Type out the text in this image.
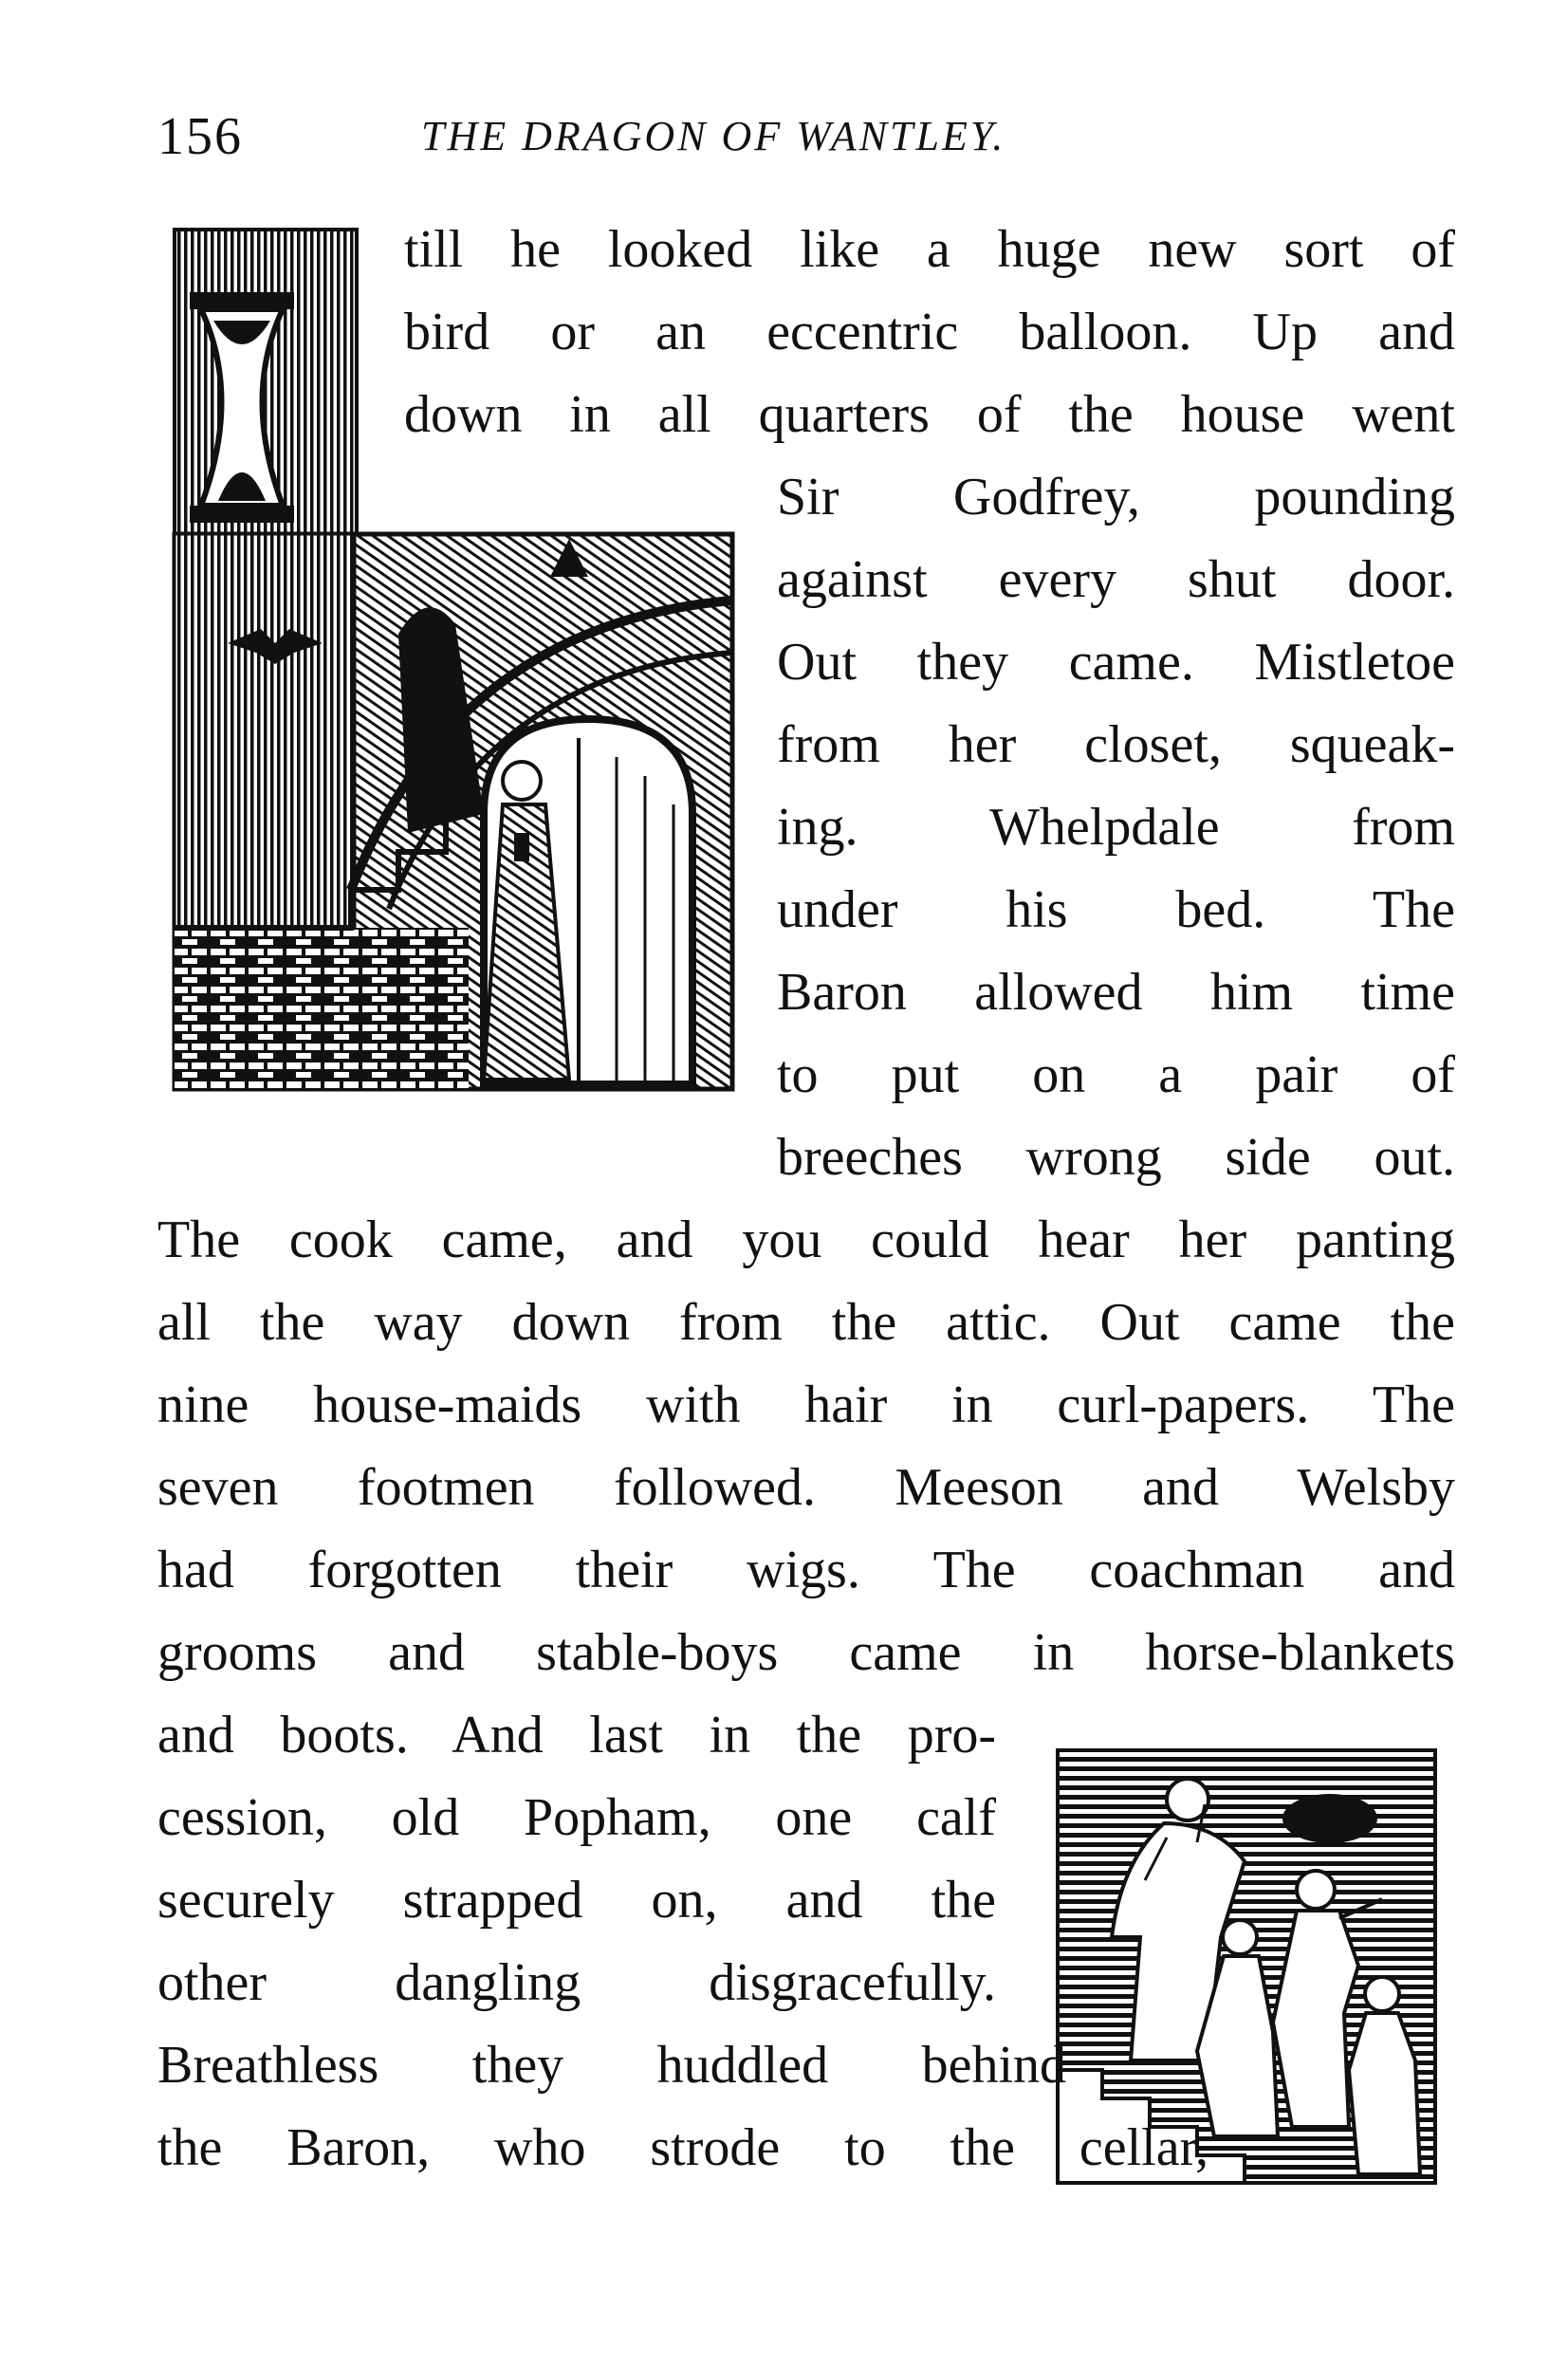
156	THE DRAGON OF WANTLEY.
till he looked like a huge new sort of
bird or an eccentric balloon. Up and
down in all quarters of the house went
Sir Godfrey, pounding
against every shut door.
Out they came. Mistletoe
from her closet, squeak-
ing. Whelpdale from
under his bed. The
Baron allowed him time
to put on a pair of
breeches wrong side out.
The cook came, and you could hear her panting
all the way down from the attic. Out came the
nine house-maids with hair in curl-papers. The
seven footmen followed. Meeson and Welsby
had forgotten their wigs. The coachman and
grooms and stable-boys came in horse-blankets
and boots. And last in the pro-
cession, old Popham, one calf
securely strapped on, and the
other dangling disgracefully.
Breathless they huddled behind
the Baron, who strode to the cellar,
